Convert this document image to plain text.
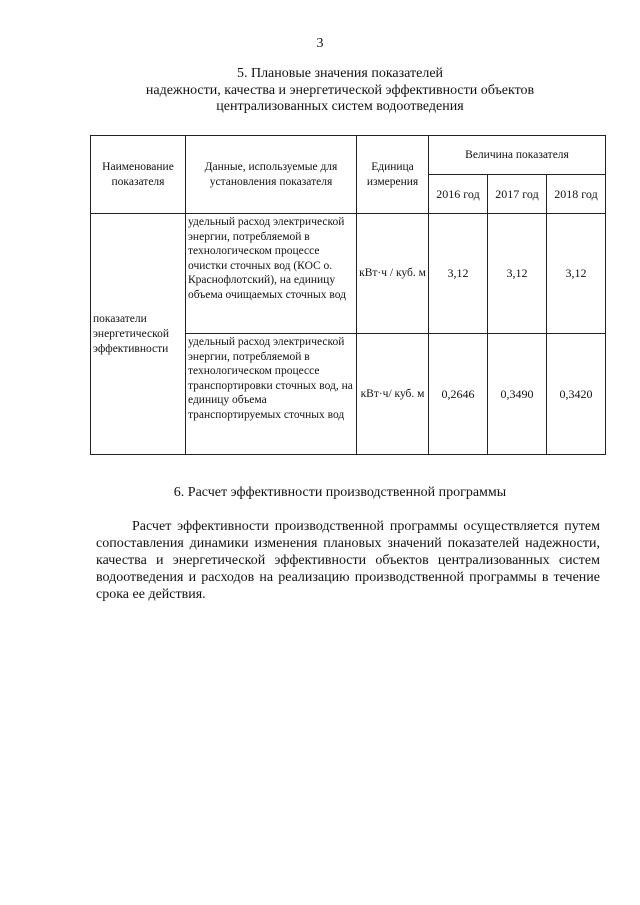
3
5. Плановые значения показателей
надежности, качества и энергетической эффективности объектов
централизованных систем водоотведения
Наименование показателя	Данные, используемые для установления показателя	Единица измерения	Величина показателя		
			2016 год	2017 год	2018 год
показатели энергетической эффективности	удельный расход электрической энергии, потребляемой в технологическом процессе очистки сточных вод (КОС о. Краснофлотский), на единицу объема очищаемых сточных вод	кВт·ч / куб. м	3,12	3,12	3,12
	удельный расход электрической энергии, потребляемой в технологическом процессе транспортировки сточных вод, на единицу объема транспортируемых сточных вод	кВт·ч/ куб. м	0,2646	0,3490	0,3420
6. Расчет эффективности производственной программы

Расчет эффективности производственной программы осуществляется путем сопоставления динамики изменения плановых значений показателей надежности, качества и энергетической эффективности объектов централизованных систем водоотведения и расходов на реализацию производственной программы в течение срока ее действия.
